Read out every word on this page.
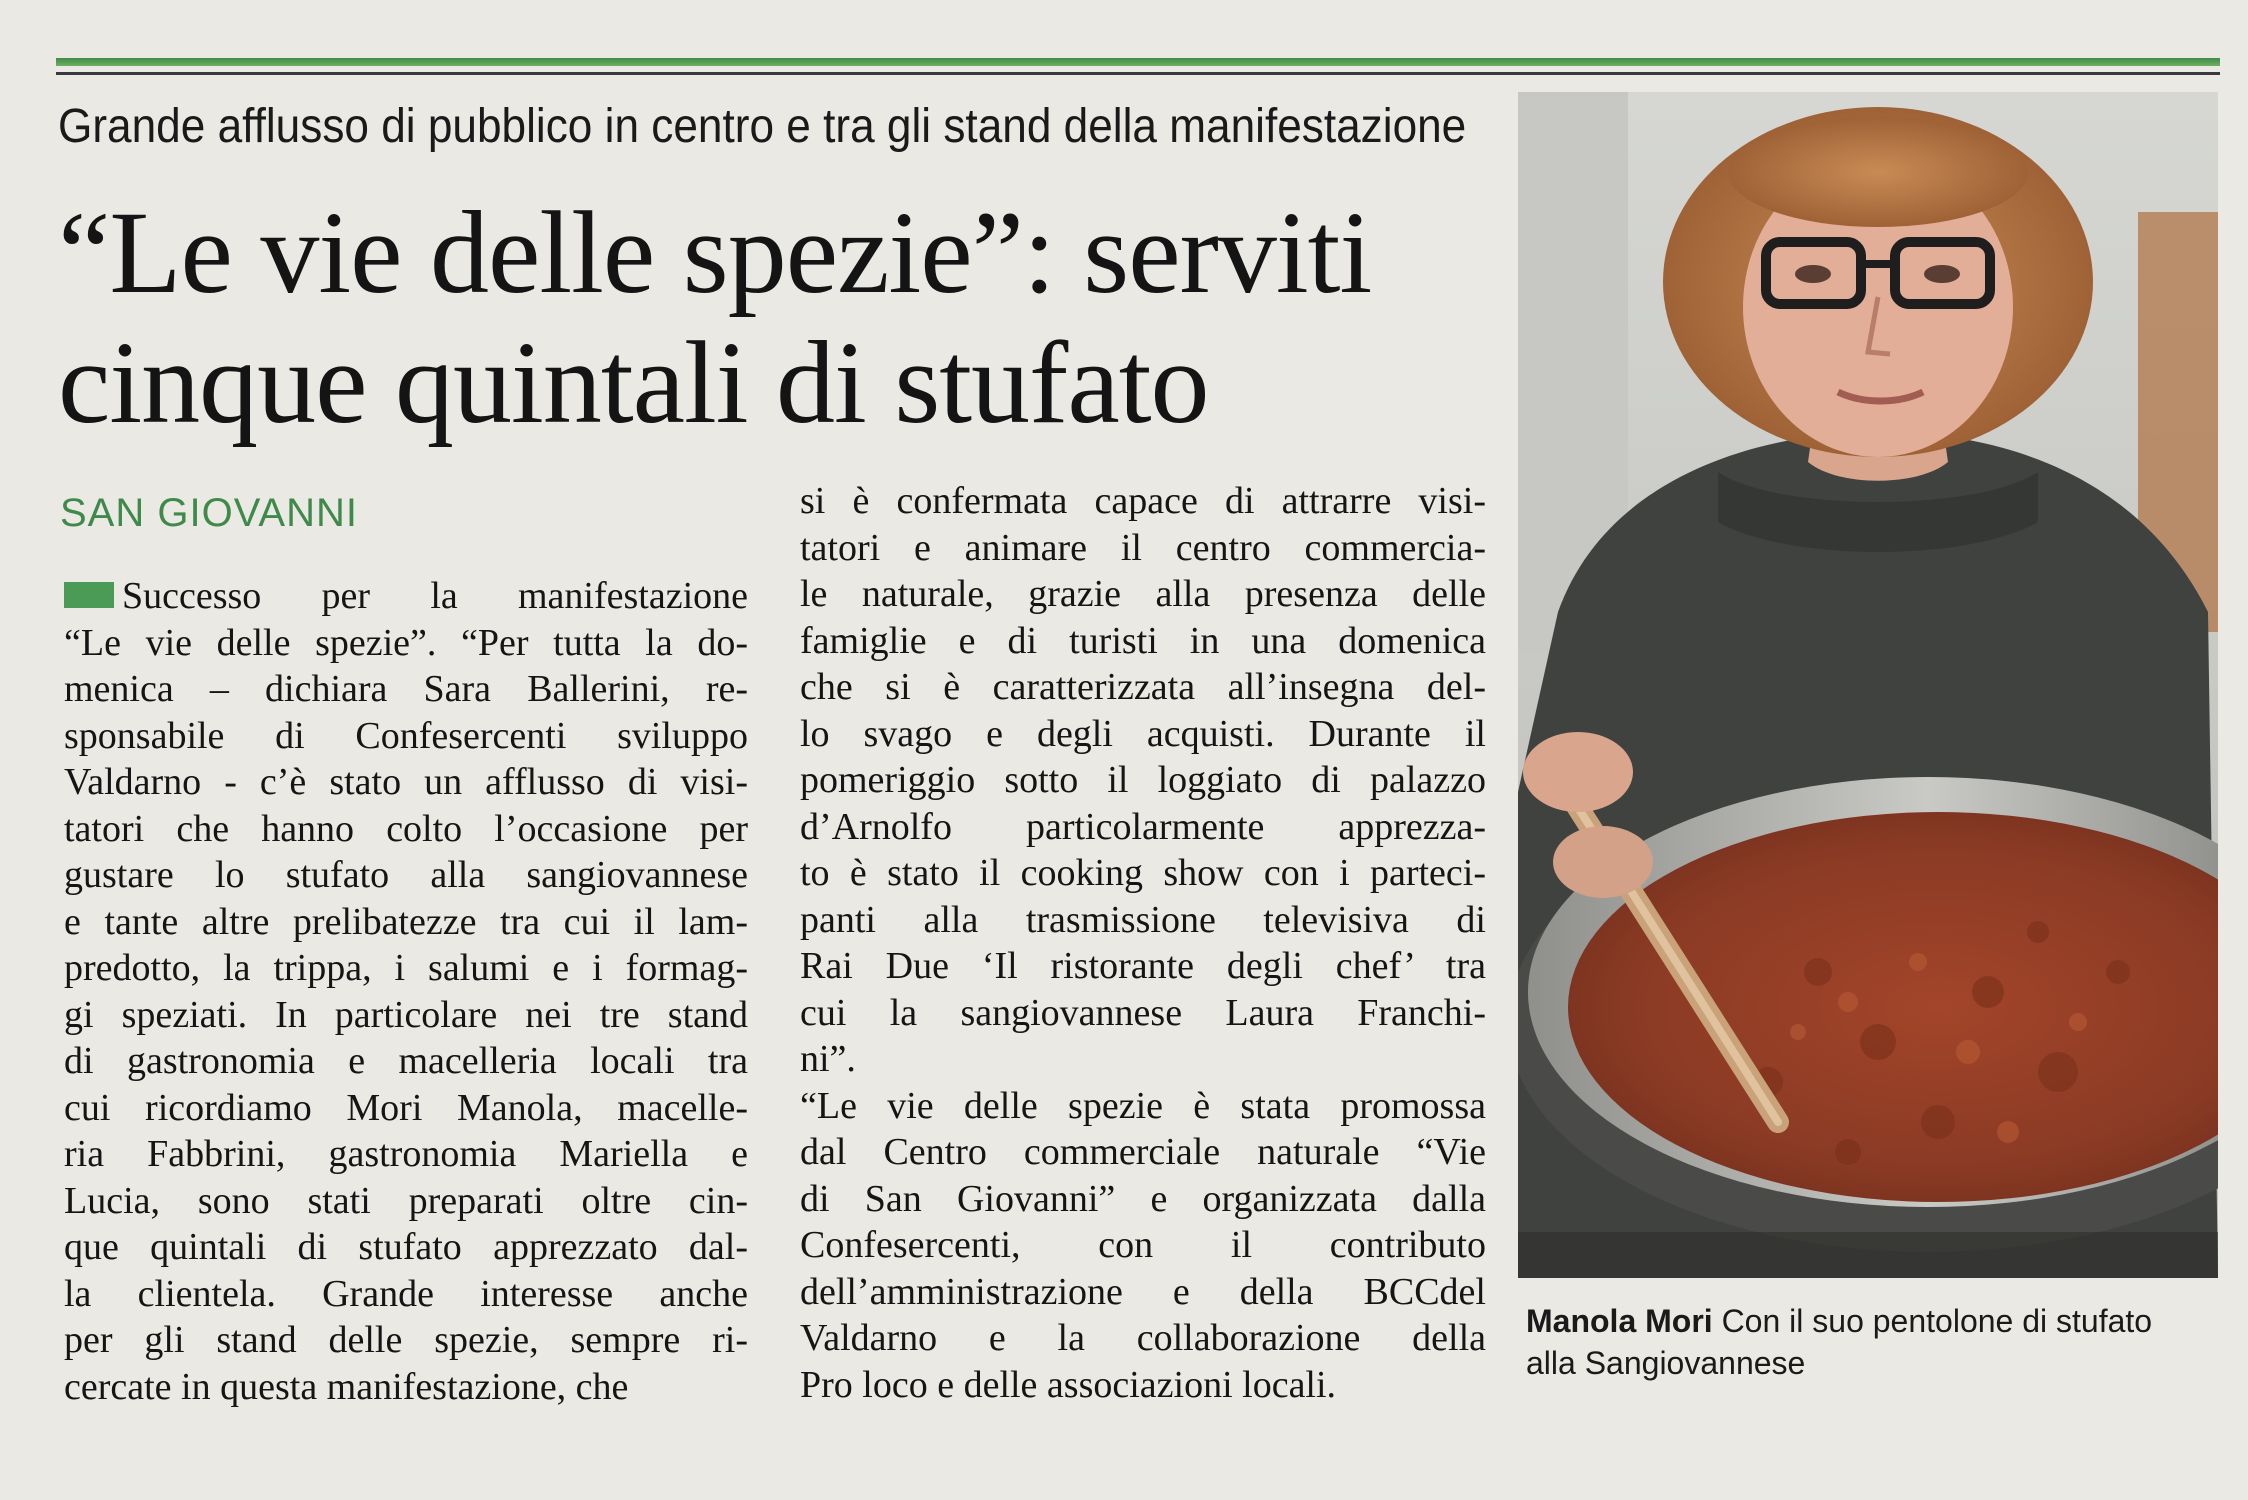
Grande afflusso di pubblico in centro e tra gli stand della manifestazione
“Le vie delle spezie”: serviti
cinque quintali di stufato
SAN GIOVANNI
Successo per la manifestazione
“Le vie delle spezie”. “Per tutta la do-
menica – dichiara Sara Ballerini, re-
sponsabile di Confesercenti sviluppo
Valdarno - c’è stato un afflusso di visi-
tatori che hanno colto l’occasione per
gustare lo stufato alla sangiovannese
e tante altre prelibatezze tra cui il lam-
predotto, la trippa, i salumi e i formag-
gi speziati. In particolare nei tre stand
di gastronomia e macelleria locali tra
cui ricordiamo Mori Manola, macelle-
ria Fabbrini, gastronomia Mariella e
Lucia, sono stati preparati oltre cin-
que quintali di stufato apprezzato dal-
la clientela. Grande interesse anche
per gli stand delle spezie, sempre ri-
cercate in questa manifestazione, che
si è confermata capace di attrarre visi-
tatori e animare il centro commercia-
le naturale, grazie alla presenza delle
famiglie e di turisti in una domenica
che si è caratterizzata all’insegna del-
lo svago e degli acquisti. Durante il
pomeriggio sotto il loggiato di palazzo
d’Arnolfo particolarmente apprezza-
to è stato il cooking show con i parteci-
panti alla trasmissione televisiva di
Rai Due ‘Il ristorante degli chef’ tra
cui la sangiovannese Laura Franchi-
ni”.
“Le vie delle spezie è stata promossa
dal Centro commerciale naturale “Vie
di San Giovanni” e organizzata dalla
Confesercenti, con il contributo
dell’amministrazione e della BCCdel
Valdarno e la collaborazione della
Pro loco e delle associazioni locali.
Manola Mori Con il suo pentolone di stufato
alla Sangiovannese
